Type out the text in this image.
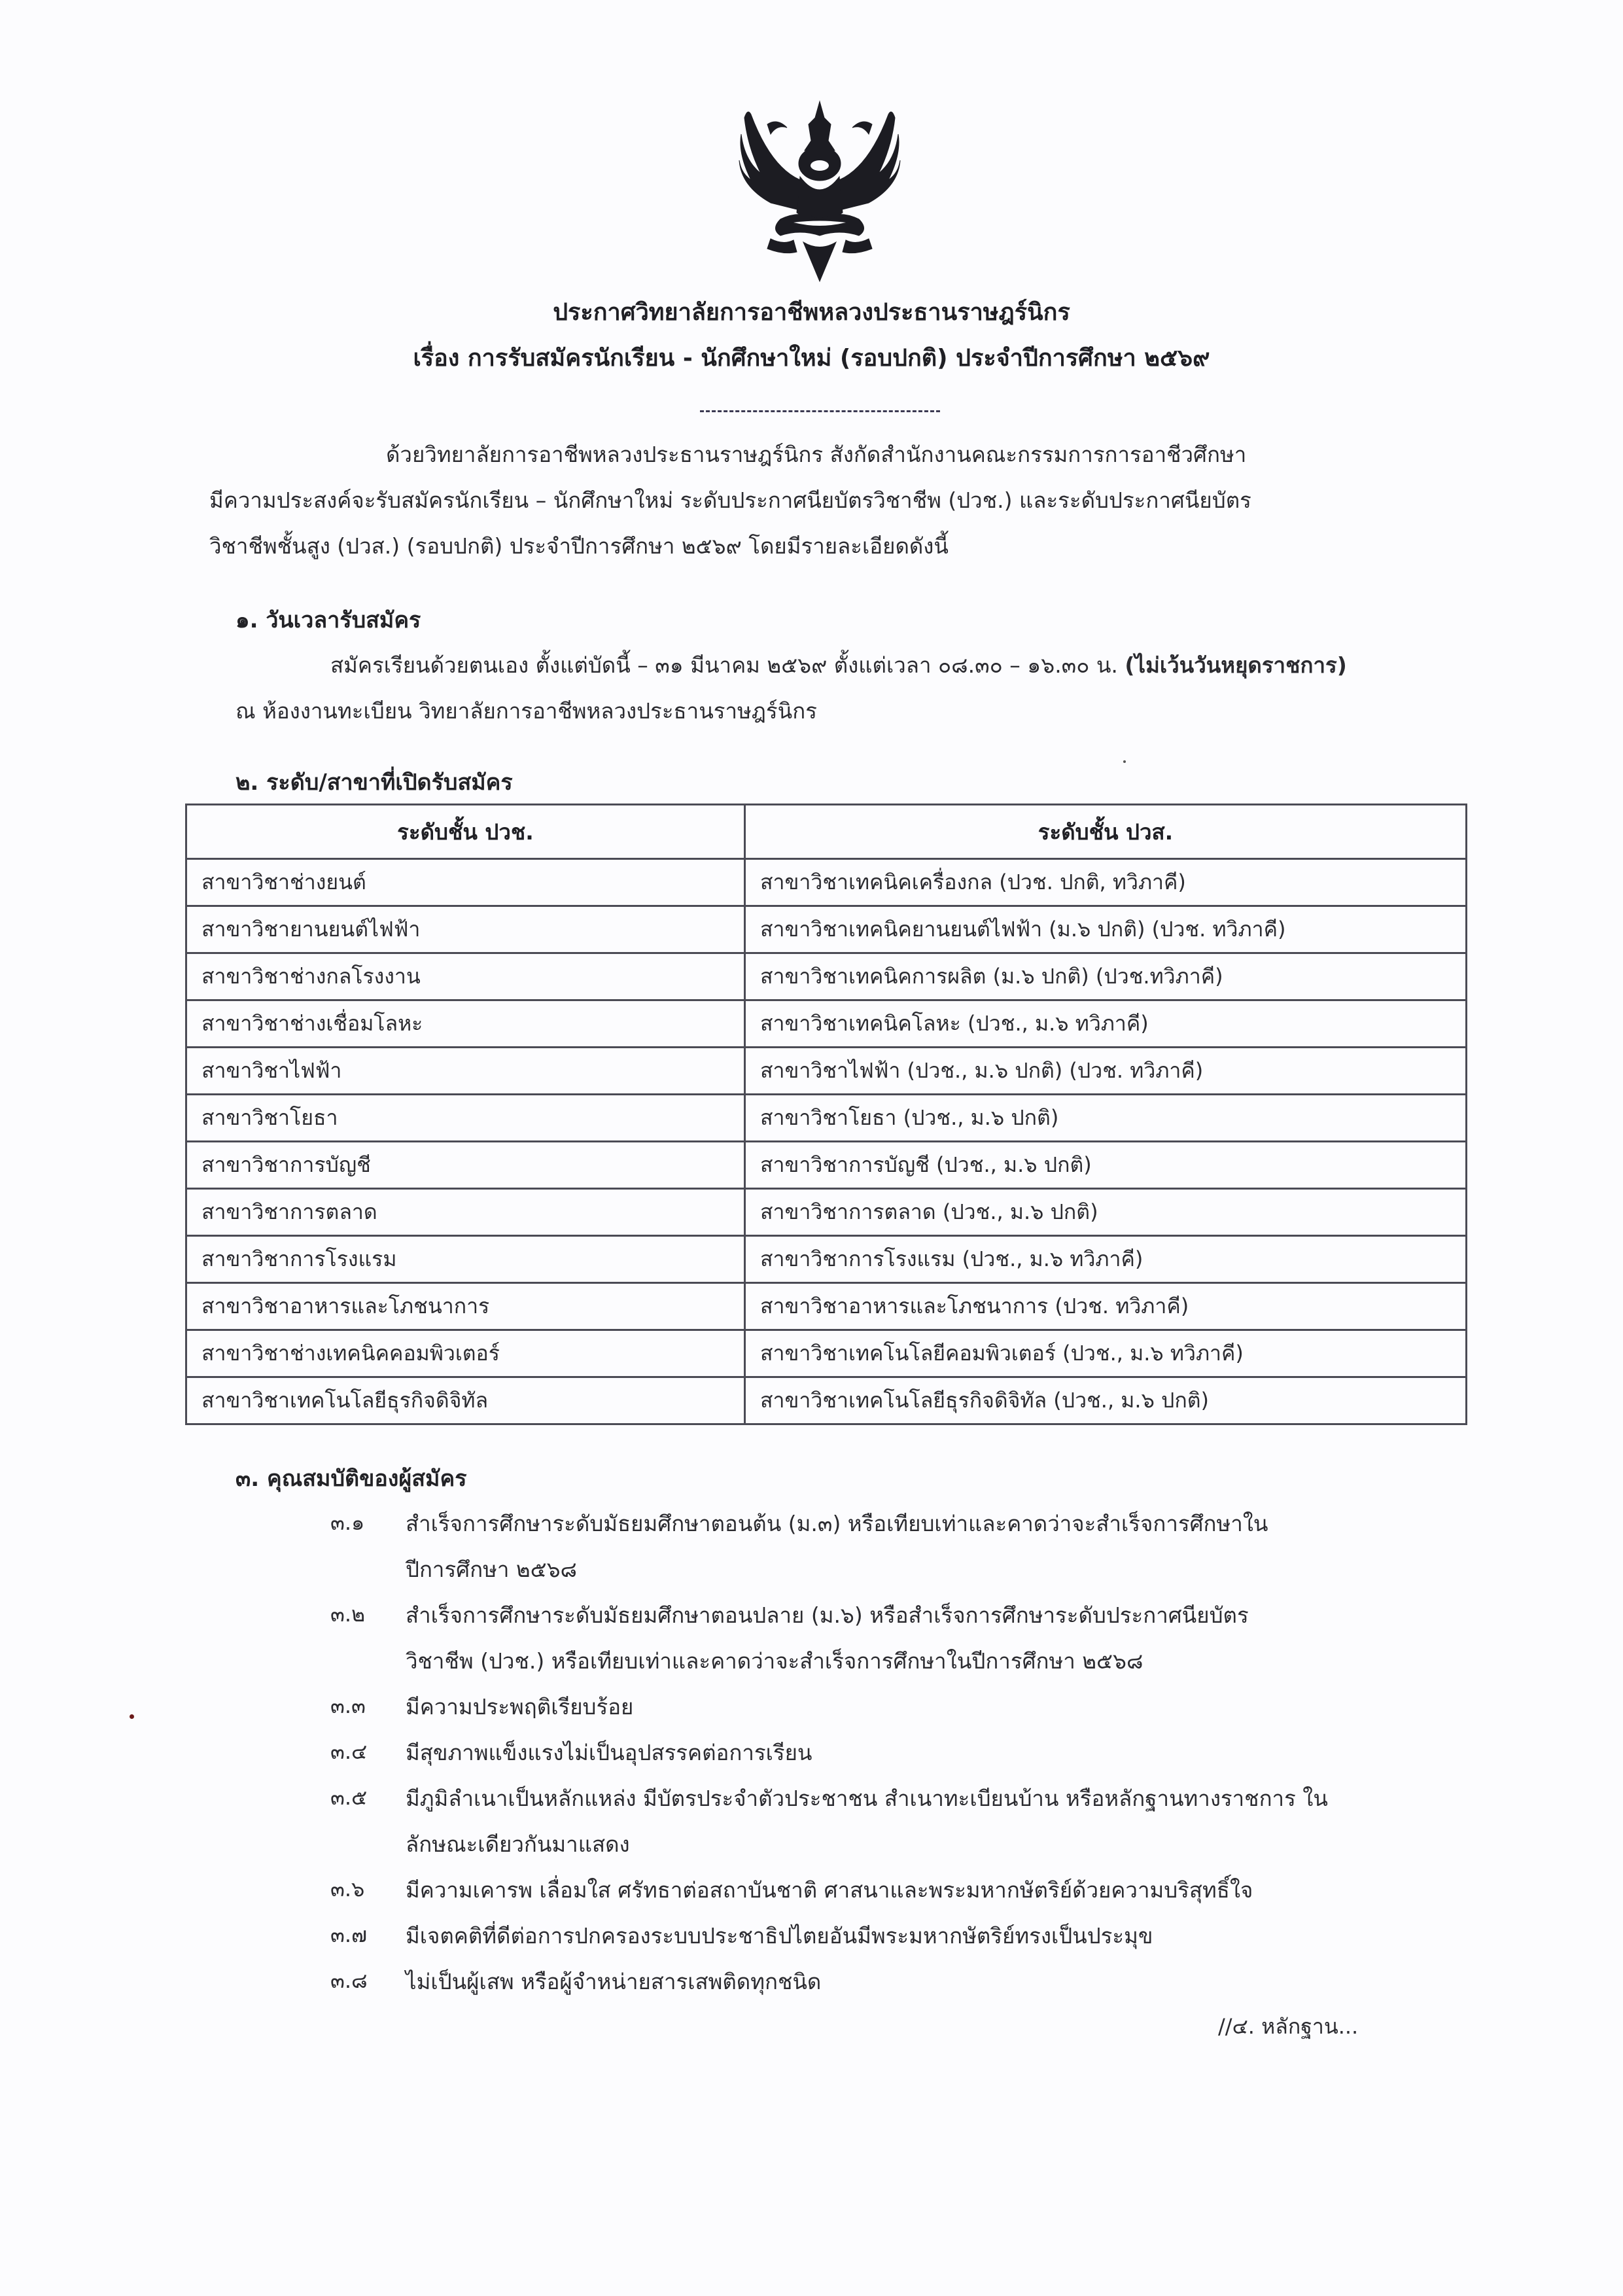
ประกาศวิทยาลัยการอาชีพหลวงประธานราษฎร์นิกร
เรื่อง การรับสมัครนักเรียน - นักศึกษาใหม่ (รอบปกติ) ประจำปีการศึกษา ๒๕๖๙
ด้วยวิทยาลัยการอาชีพหลวงประธานราษฎร์นิกร สังกัดสำนักงานคณะกรรมการการอาชีวศึกษา
มีความประสงค์จะรับสมัครนักเรียน – นักศึกษาใหม่ ระดับประกาศนียบัตรวิชาชีพ (ปวช.) และระดับประกาศนียบัตร
วิชาชีพชั้นสูง (ปวส.) (รอบปกติ) ประจำปีการศึกษา ๒๕๖๙ โดยมีรายละเอียดดังนี้
๑. วันเวลารับสมัคร
สมัครเรียนด้วยตนเอง ตั้งแต่บัดนี้ – ๓๑ มีนาคม ๒๕๖๙ ตั้งแต่เวลา ๐๘.๓๐ – ๑๖.๓๐ น. (ไม่เว้นวันหยุดราชการ)
ณ ห้องงานทะเบียน วิทยาลัยการอาชีพหลวงประธานราษฎร์นิกร
๒. ระดับ/สาขาที่เปิดรับสมัคร
ระดับชั้น ปวช.	ระดับชั้น ปวส.
สาขาวิชาช่างยนต์	สาขาวิชาเทคนิคเครื่องกล (ปวช. ปกติ, ทวิภาคี)
สาขาวิชายานยนต์ไฟฟ้า	สาขาวิชาเทคนิคยานยนต์ไฟฟ้า (ม.๖ ปกติ) (ปวช. ทวิภาคี)
สาขาวิชาช่างกลโรงงาน	สาขาวิชาเทคนิคการผลิต (ม.๖ ปกติ) (ปวช.ทวิภาคี)
สาขาวิชาช่างเชื่อมโลหะ	สาขาวิชาเทคนิคโลหะ (ปวช., ม.๖ ทวิภาคี)
สาขาวิชาไฟฟ้า	สาขาวิชาไฟฟ้า (ปวช., ม.๖ ปกติ) (ปวช. ทวิภาคี)
สาขาวิชาโยธา	สาขาวิชาโยธา (ปวช., ม.๖ ปกติ)
สาขาวิชาการบัญชี	สาขาวิชาการบัญชี (ปวช., ม.๖ ปกติ)
สาขาวิชาการตลาด	สาขาวิชาการตลาด (ปวช., ม.๖ ปกติ)
สาขาวิชาการโรงแรม	สาขาวิชาการโรงแรม (ปวช., ม.๖ ทวิภาคี)
สาขาวิชาอาหารและโภชนาการ	สาขาวิชาอาหารและโภชนาการ (ปวช. ทวิภาคี)
สาขาวิชาช่างเทคนิคคอมพิวเตอร์	สาขาวิชาเทคโนโลยีคอมพิวเตอร์ (ปวช., ม.๖ ทวิภาคี)
สาขาวิชาเทคโนโลยีธุรกิจดิจิทัล	สาขาวิชาเทคโนโลยีธุรกิจดิจิทัล (ปวช., ม.๖ ปกติ)
๓. คุณสมบัติของผู้สมัคร
๓.๑ สำเร็จการศึกษาระดับมัธยมศึกษาตอนต้น (ม.๓) หรือเทียบเท่าและคาดว่าจะสำเร็จการศึกษาใน
ปีการศึกษา ๒๕๖๘
๓.๒ สำเร็จการศึกษาระดับมัธยมศึกษาตอนปลาย (ม.๖) หรือสำเร็จการศึกษาระดับประกาศนียบัตร
วิชาชีพ (ปวช.) หรือเทียบเท่าและคาดว่าจะสำเร็จการศึกษาในปีการศึกษา ๒๕๖๘
๓.๓ มีความประพฤติเรียบร้อย
๓.๔ มีสุขภาพแข็งแรงไม่เป็นอุปสรรคต่อการเรียน
๓.๕ มีภูมิลำเนาเป็นหลักแหล่ง มีบัตรประจำตัวประชาชน สำเนาทะเบียนบ้าน หรือหลักฐานทางราชการ ใน
ลักษณะเดียวกันมาแสดง
๓.๖ มีความเคารพ เลื่อมใส ศรัทธาต่อสถาบันชาติ ศาสนาและพระมหากษัตริย์ด้วยความบริสุทธิ์ใจ
๓.๗ มีเจตคติที่ดีต่อการปกครองระบบประชาธิปไตยอันมีพระมหากษัตริย์ทรงเป็นประมุข
๓.๘ ไม่เป็นผู้เสพ หรือผู้จำหน่ายสารเสพติดทุกชนิด
//๔. หลักฐาน...
